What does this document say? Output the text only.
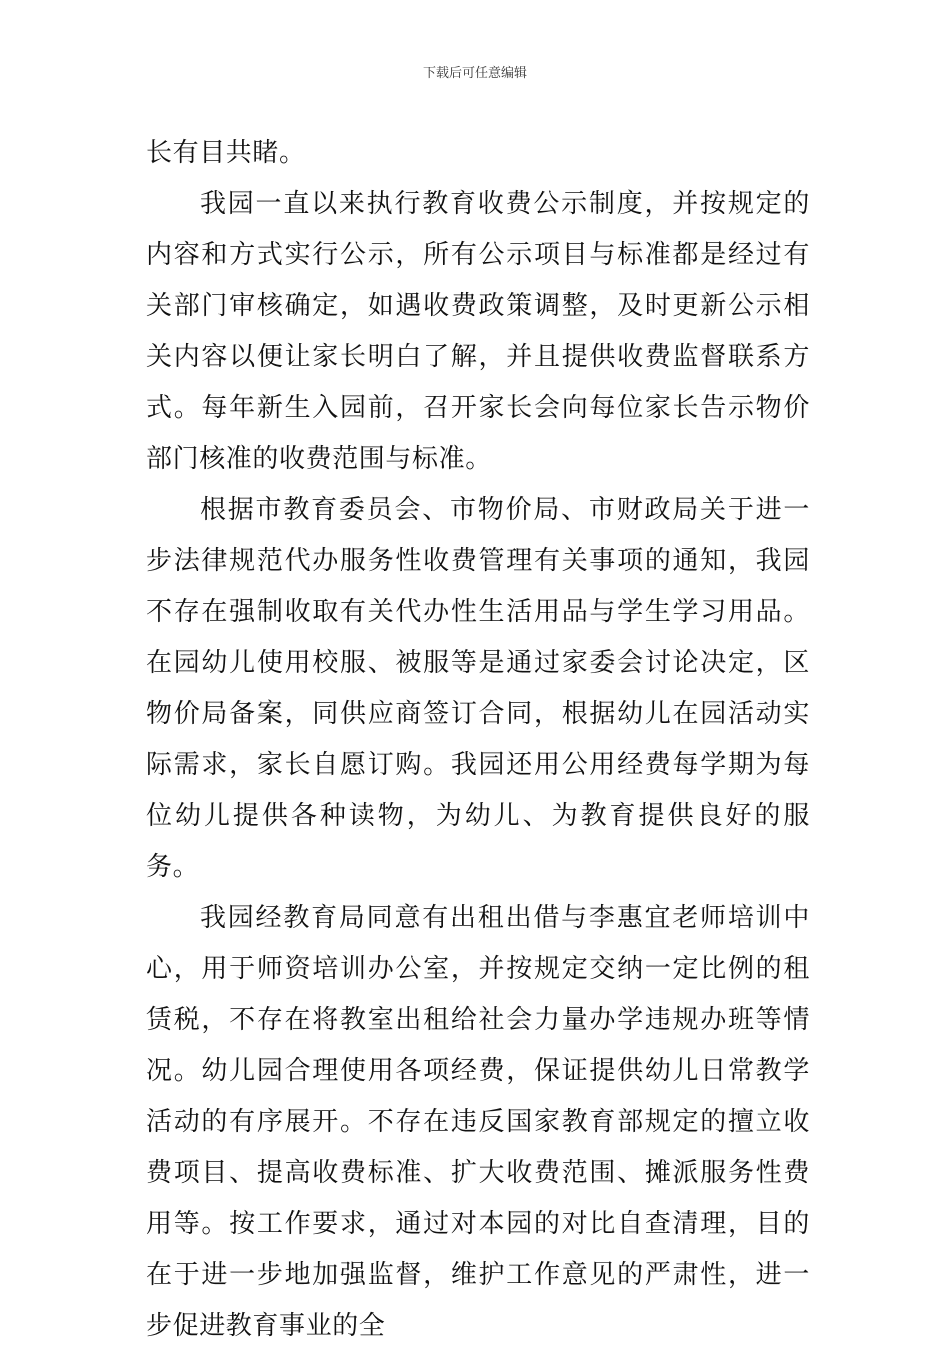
下载后可任意编辑

长有目共睹。

我园一直以来执行教育收费公示制度，并按规定的内容和方式实行公示，所有公示项目与标准都是经过有关部门审核确定，如遇收费政策调整，及时更新公示相关内容以便让家长明白了解，并且提供收费监督联系方式。每年新生入园前，召开家长会向每位家长告示物价部门核准的收费范围与标准。

根据市教育委员会、市物价局、市财政局关于进一步法律规范代办服务性收费管理有关事项的通知，我园不存在强制收取有关代办性生活用品与学生学习用品。在园幼儿使用校服、被服等是通过家委会讨论决定，区物价局备案，同供应商签订合同，根据幼儿在园活动实际需求，家长自愿订购。我园还用公用经费每学期为每位幼儿提供各种读物，为幼儿、为教育提供良好的服务。

我园经教育局同意有出租出借与李惠宜老师培训中心，用于师资培训办公室，并按规定交纳一定比例的租赁税，不存在将教室出租给社会力量办学违规办班等情况。幼儿园合理使用各项经费，保证提供幼儿日常教学活动的有序展开。不存在违反国家教育部规定的擅立收费项目、提高收费标准、扩大收费范围、摊派服务性费用等。按工作要求，通过对本园的对比自查清理，目的在于进一步地加强监督，维护工作意见的严肃性，进一步促进教育事业的全
